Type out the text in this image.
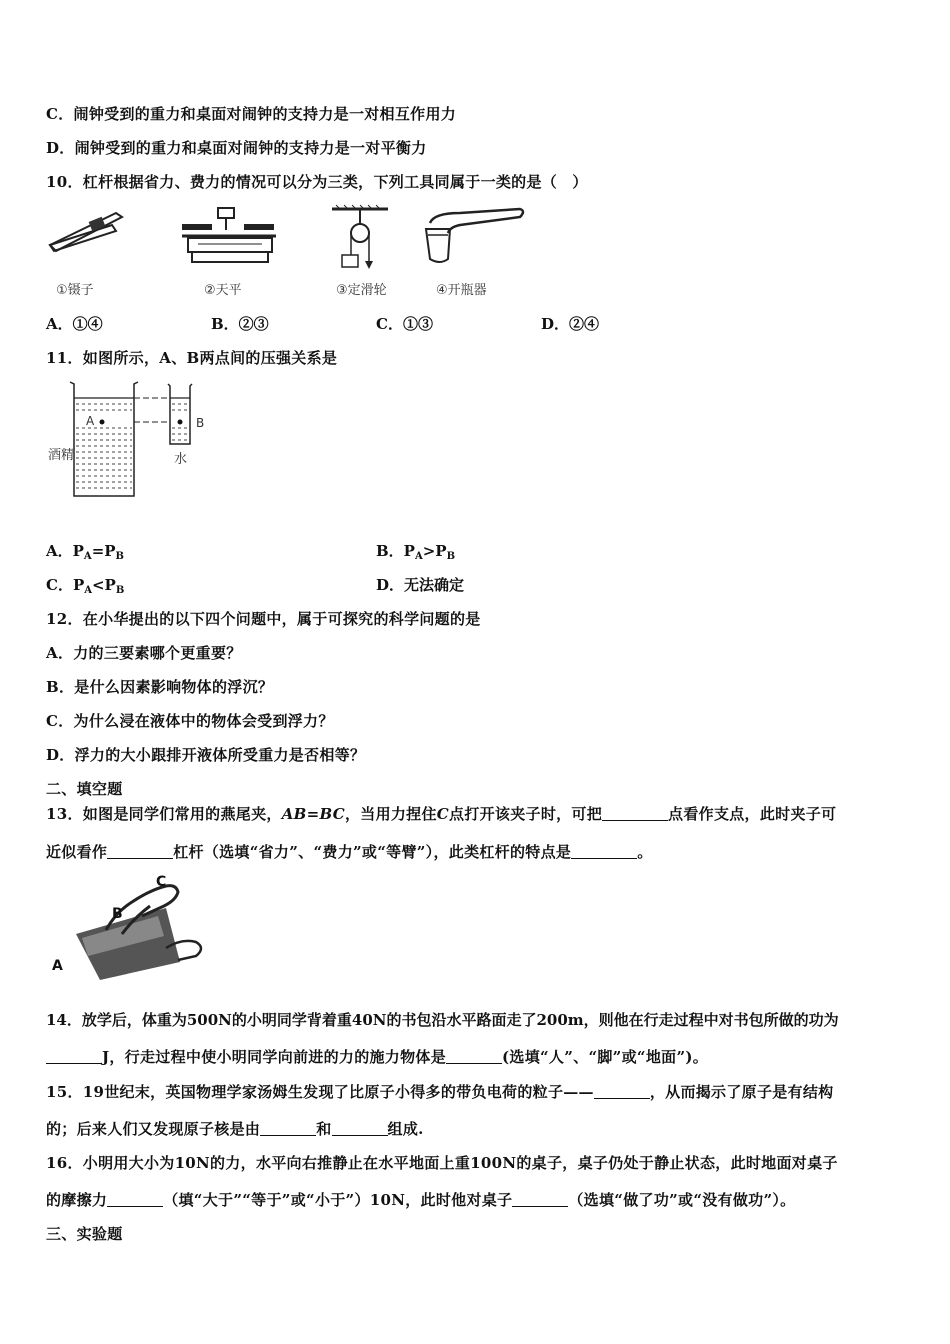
C．闹钟受到的重力和桌面对闹钟的支持力是一对相互作用力
D．闹钟受到的重力和桌面对闹钟的支持力是一对平衡力
10．杠杆根据省力、费力的情况可以分为三类，下列工具同属于一类的是（　）
①镊子	②天平	③定滑轮	④开瓶器
A．①④	B．②③	C．①③	D．②④
11．如图所示，A、B两点间的压强关系是
A	B
酒精	水
A．$P_A=P_B$	B．$P_A>P_B$
C．$P_A<P_B$	D．无法确定
12．在小华提出的以下四个问题中，属于可探究的科学问题的是
A．力的三要素哪个更重要？
B．是什么因素影响物体的浮沉？
C．为什么浸在液体中的物体会受到浮力？
D．浮力的大小跟排开液体所受重力是否相等？
二、填空题
13．如图是同学们常用的燕尾夹，AB=BC，当用力捏住C点打开该夹子时，可把	点看作支点，此时夹子可
近似看作	杠杆（选填“省力”、“费力”或“等臂”），此类杠杆的特点是	。
C
B
A
14．放学后，体重为500N的小明同学背着重40N的书包沿水平路面走了200m，则他在行走过程中对书包所做的功为
J，行走过程中使小明同学向前进的力的施力物体是	(选填“人”、“脚”或“地面”)。
15．19世纪末，英国物理学家汤姆生发现了比原子小得多的带负电荷的粒子——	，从而揭示了原子是有结构
的；后来人们又发现原子核是由	和	组成.
16．小明用大小为10N的力，水平向右推静止在水平地面上重100N的桌子，桌子仍处于静止状态，此时地面对桌子
的摩擦力	（填“大于”“等于”或“小于”）10N，此时他对桌子	（选填“做了功”或“没有做功”）。
三、实验题
